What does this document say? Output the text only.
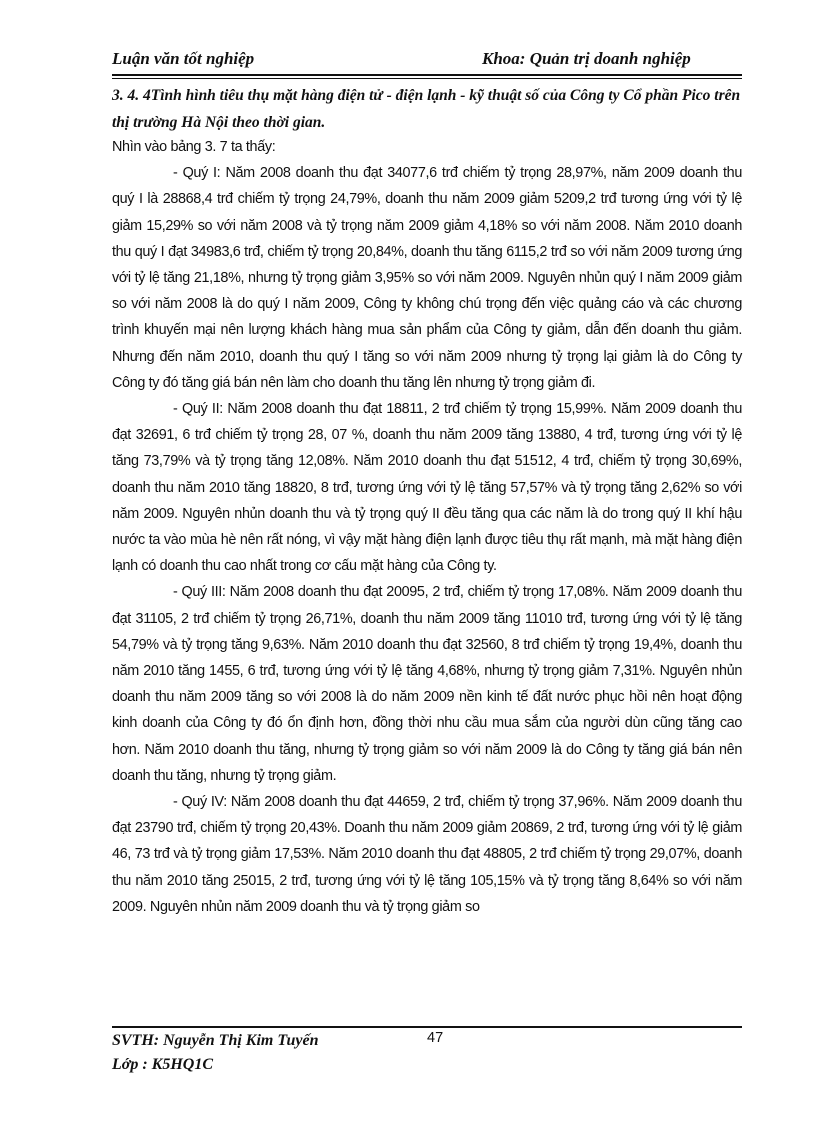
Luận văn tốt nghiệp	Khoa: Quản trị doanh nghiệp
3. 4. 4Tình hình tiêu thụ mặt hàng điện tử - điện lạnh - kỹ thuật số của Công ty Cổ phần Pico trên thị trường Hà Nội theo thời gian.

Nhìn vào bảng 3. 7 ta thấy:

- Quý I: Năm 2008 doanh thu đạt 34077,6 trđ chiếm tỷ trọng 28,97%, năm 2009 doanh thu quý I là 28868,4 trđ chiếm tỷ trọng 24,79%, doanh thu năm 2009 giảm 5209,2 trđ tương ứng với tỷ lệ giảm 15,29% so với năm 2008 và tỷ trọng năm 2009 giảm 4,18% so với năm 2008. Năm 2010 doanh thu quý I đạt 34983,6 trđ, chiếm tỷ trọng 20,84%, doanh thu tăng 6115,2 trđ so với năm 2009 tương ứng với tỷ lệ tăng 21,18%, nhưng tỷ trọng giảm 3,95% so với năm 2009. Nguyên nhủn quý I năm 2009 giảm so với năm 2008 là do quý I năm 2009, Công ty không chú trọng đến việc quảng cáo và các chương trình khuyến mại nên lượng khách hàng mua sản phẩm của Công ty giảm, dẫn đến doanh thu giảm. Nhưng đến năm 2010, doanh thu quý I tăng so với năm 2009 nhưng tỷ trọng lại giảm là do Công ty Công ty đó tăng giá bán nên làm cho doanh thu tăng lên nhưng tỷ trọng giảm đi.

- Quý II: Năm 2008 doanh thu đạt 18811, 2 trđ chiếm tỷ trọng 15,99%. Năm 2009 doanh thu đạt 32691, 6 trđ chiếm tỷ trọng 28, 07 %, doanh thu năm 2009 tăng 13880, 4 trđ, tương ứng với tỷ lệ tăng 73,79% và tỷ trọng tăng 12,08%. Năm 2010 doanh thu đạt 51512, 4 trđ, chiếm tỷ trọng 30,69%, doanh thu năm 2010 tăng 18820, 8 trđ, tương ứng với tỷ lệ tăng 57,57% và tỷ trọng tăng 2,62% so với năm 2009. Nguyên nhủn doanh thu và tỷ trọng quý II đều tăng qua các năm là do trong quý II khí hậu nước ta vào mùa hè nên rất nóng, vì vậy mặt hàng điện lạnh được tiêu thụ rất mạnh, mà mặt hàng điện lạnh có doanh thu cao nhất trong cơ cấu mặt hàng của Công ty.

- Quý III: Năm 2008 doanh thu đạt 20095, 2 trđ, chiếm tỷ trọng 17,08%. Năm 2009 doanh thu đạt 31105, 2 trđ chiếm tỷ trọng 26,71%, doanh thu năm 2009 tăng 11010 trđ, tương ứng với tỷ lệ tăng 54,79% và tỷ trọng tăng 9,63%. Năm 2010 doanh thu đạt 32560, 8 trđ chiếm tỷ trọng 19,4%, doanh thu năm 2010 tăng 1455, 6 trđ, tương ứng với tỷ lệ tăng 4,68%, nhưng tỷ trọng giảm 7,31%. Nguyên nhủn doanh thu năm 2009 tăng so với 2008 là do năm 2009 nền kinh tế đất nước phục hồi nên hoạt động kinh doanh của Công ty đó ổn định hơn, đồng thời nhu cầu mua sắm của người dùn cũng tăng cao hơn. Năm 2010 doanh thu tăng, nhưng tỷ trọng giảm so với năm 2009 là do Công ty tăng giá bán nên doanh thu tăng, nhưng tỷ trọng giảm.

- Quý IV: Năm 2008 doanh thu đạt 44659, 2 trđ, chiếm tỷ trọng 37,96%. Năm 2009 doanh thu đạt 23790 trđ, chiếm tỷ trọng 20,43%. Doanh thu năm 2009 giảm 20869, 2 trđ, tương ứng với tỷ lệ giảm 46, 73 trđ và tỷ trọng giảm 17,53%. Năm 2010 doanh thu đạt 48805, 2 trđ chiếm tỷ trọng 29,07%, doanh thu năm 2010 tăng 25015, 2 trđ, tương ứng với tỷ lệ tăng 105,15% và tỷ trọng tăng 8,64% so với năm 2009. Nguyên nhủn năm 2009 doanh thu và tỷ trọng giảm so

SVTH: Nguyễn Thị Kim Tuyến
Lớp : K5HQ1C
47
